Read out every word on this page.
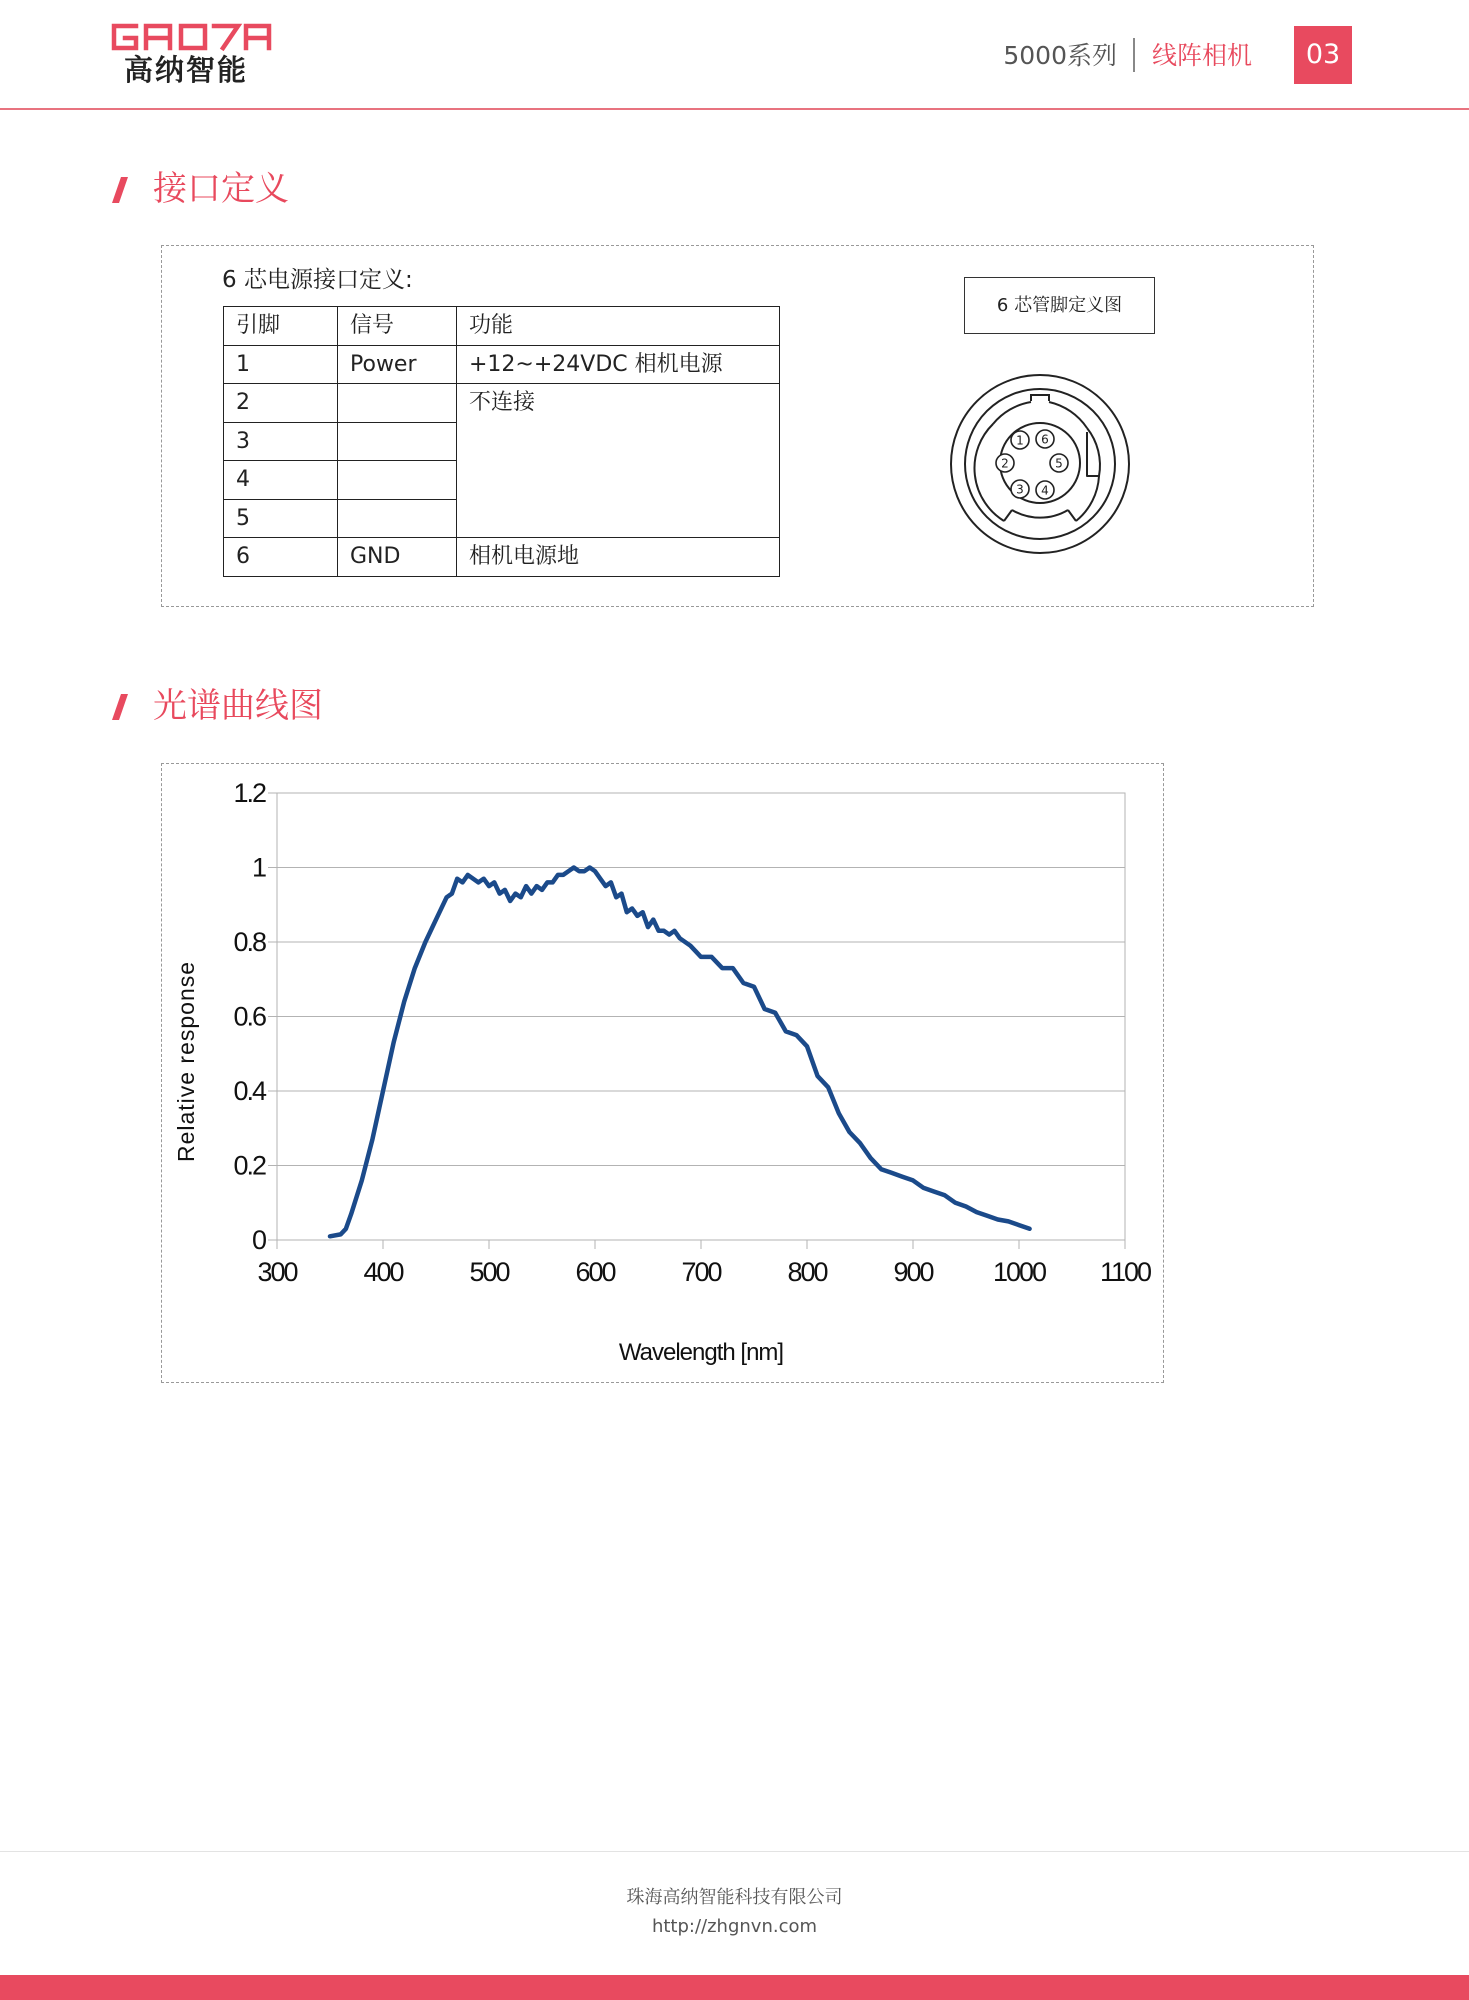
高纳智能	5000系列 线阵相机	03
接口定义
6 芯电源接口定义:
引脚	信号	功能
1	Power	+12~+24VDC 相机电源
2		不连接
3		
4		
5		
6	GND	相机电源地
6 芯管脚定义图
1
2
3 4
5
6
光谱曲线图
0
0.2
0.4
0.6
0.8
1
1.2
300 400 500 600 700 800 900 1000 1100
Wavelength [nm]
Relative response
珠海高纳智能科技有限公司
http://zhgnvn.com
